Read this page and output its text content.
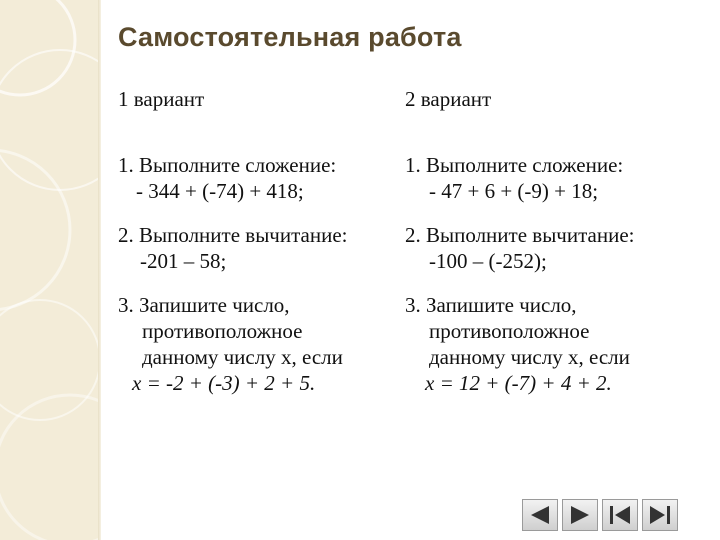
Самостоятельная работа
1 вариант
1. Выполните сложение:
- 344 + (-74) + 418;
2. Выполните вычитание:
-201 – 58;
3. Запишите число,
противоположное
данному числу x, если
x = -2 + (-3) + 2 + 5.
2 вариант
1. Выполните сложение:
- 47 + 6 + (-9) + 18;
2. Выполните вычитание:
-100 – (-252);
3. Запишите число,
противоположное
данному числу x, если
x = 12 + (-7) + 4 + 2.
